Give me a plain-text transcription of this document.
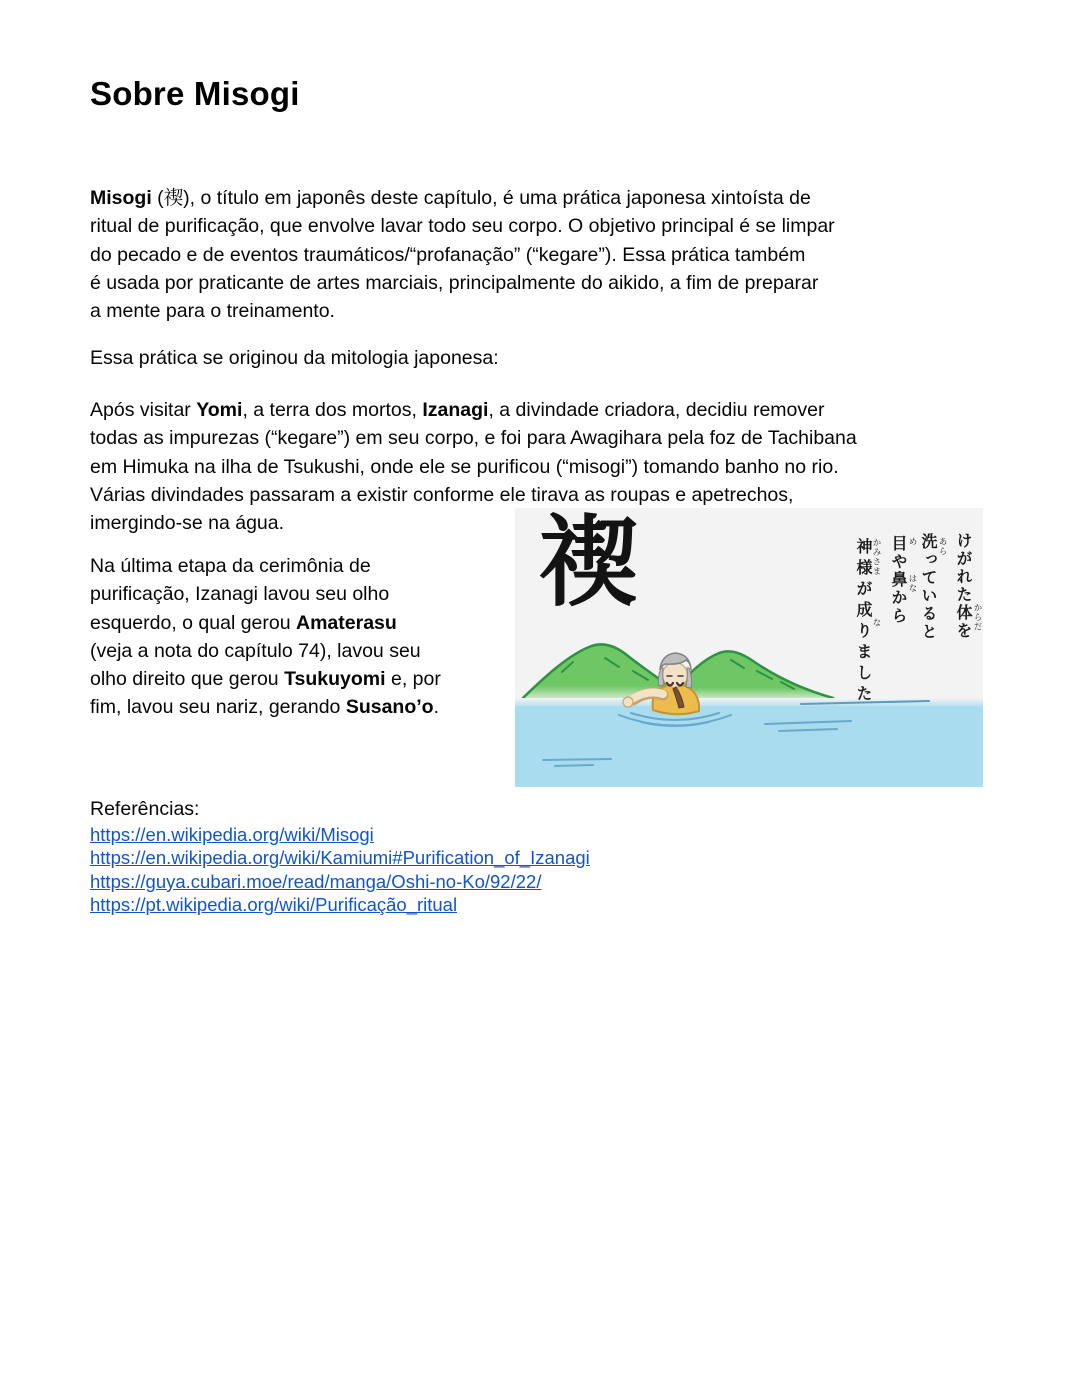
Sobre Misogi
Misogi (禊), o título em japonês deste capítulo, é uma prática japonesa xintoísta de
ritual de purificação, que envolve lavar todo seu corpo. O objetivo principal é se limpar
do pecado e de eventos traumáticos/“profanação” (“kegare”). Essa prática também
é usada por praticante de artes marciais, principalmente do aikido, a fim de preparar
a mente para o treinamento.
Essa prática se originou da mitologia japonesa:
Após visitar Yomi, a terra dos mortos, Izanagi, a divindade criadora, decidiu remover
todas as impurezas (“kegare”) em seu corpo, e foi para Awagihara pela foz de Tachibana
em Himuka na ilha de Tsukushi, onde ele se purificou (“misogi”) tomando banho no rio.
Várias divindades passaram a existir conforme ele tirava as roupas e apetrechos,
imergindo-se na água.
Na última etapa da cerimônia de
purificação, Izanagi lavou seu olho
esquerdo, o qual gerou Amaterasu
(veja a nota do capítulo 74), lavou seu
olho direito que gerou Tsukuyomi e, por
fim, lavou seu nariz, gerando Susano’o.
禊	けがれた体を
洗っていると
目や鼻から
神様が成りました	からだ
あら
め
はな
かみさま
な
Referências:
https://en.wikipedia.org/wiki/Misogi
https://en.wikipedia.org/wiki/Kamiumi#Purification_of_Izanagi
https://guya.cubari.moe/read/manga/Oshi-no-Ko/92/22/
https://pt.wikipedia.org/wiki/Purificação_ritual
